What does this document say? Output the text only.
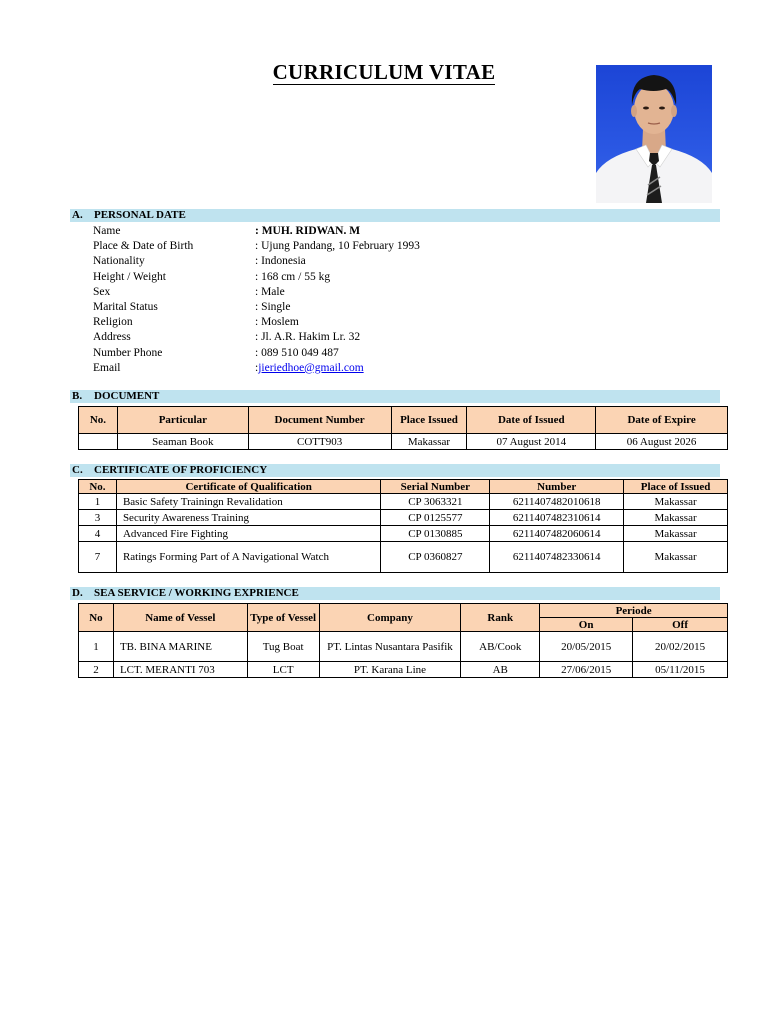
CURRICULUM VITAE
A. PERSONAL DATE
Name	: MUH. RIDWAN. M
Place & Date of Birth	: Ujung Pandang, 10 February 1993
Nationality	: Indonesia
Height / Weight	: 168 cm / 55 kg
Sex	: Male
Marital Status	: Single
Religion	: Moslem
Address	: Jl. A.R. Hakim Lr. 32
Number Phone	: 089 510 049 487
Email	:jieriedhoe@gmail.com
B. DOCUMENT
No.	Particular	Document Number	Place Issued	Date of Issued	Date of Expire
	Seaman Book	COTT903	Makassar	07 August 2014	06 August 2026
C. CERTIFICATE OF PROFICIENCY
No.	Certificate of Qualification	Serial Number	Number	Place of Issued
1	Basic Safety Trainingn Revalidation	CP 3063321	6211407482010618	Makassar
3	Security Awareness Training	CP 0125577	6211407482310614	Makassar
4	Advanced Fire Fighting	CP 0130885	6211407482060614	Makassar
7	Ratings Forming Part of A Navigational Watch	CP 0360827	6211407482330614	Makassar
D. SEA SERVICE / WORKING EXPRIENCE
No	Name of Vessel	Type of Vessel	Company	Rank	Periode	
					On	Off
1	TB. BINA MARINE	Tug Boat	PT. Lintas Nusantara Pasifik	AB/Cook	20/05/2015	20/02/2015
2	LCT. MERANTI 703	LCT	PT. Karana Line	AB	27/06/2015	05/11/2015
